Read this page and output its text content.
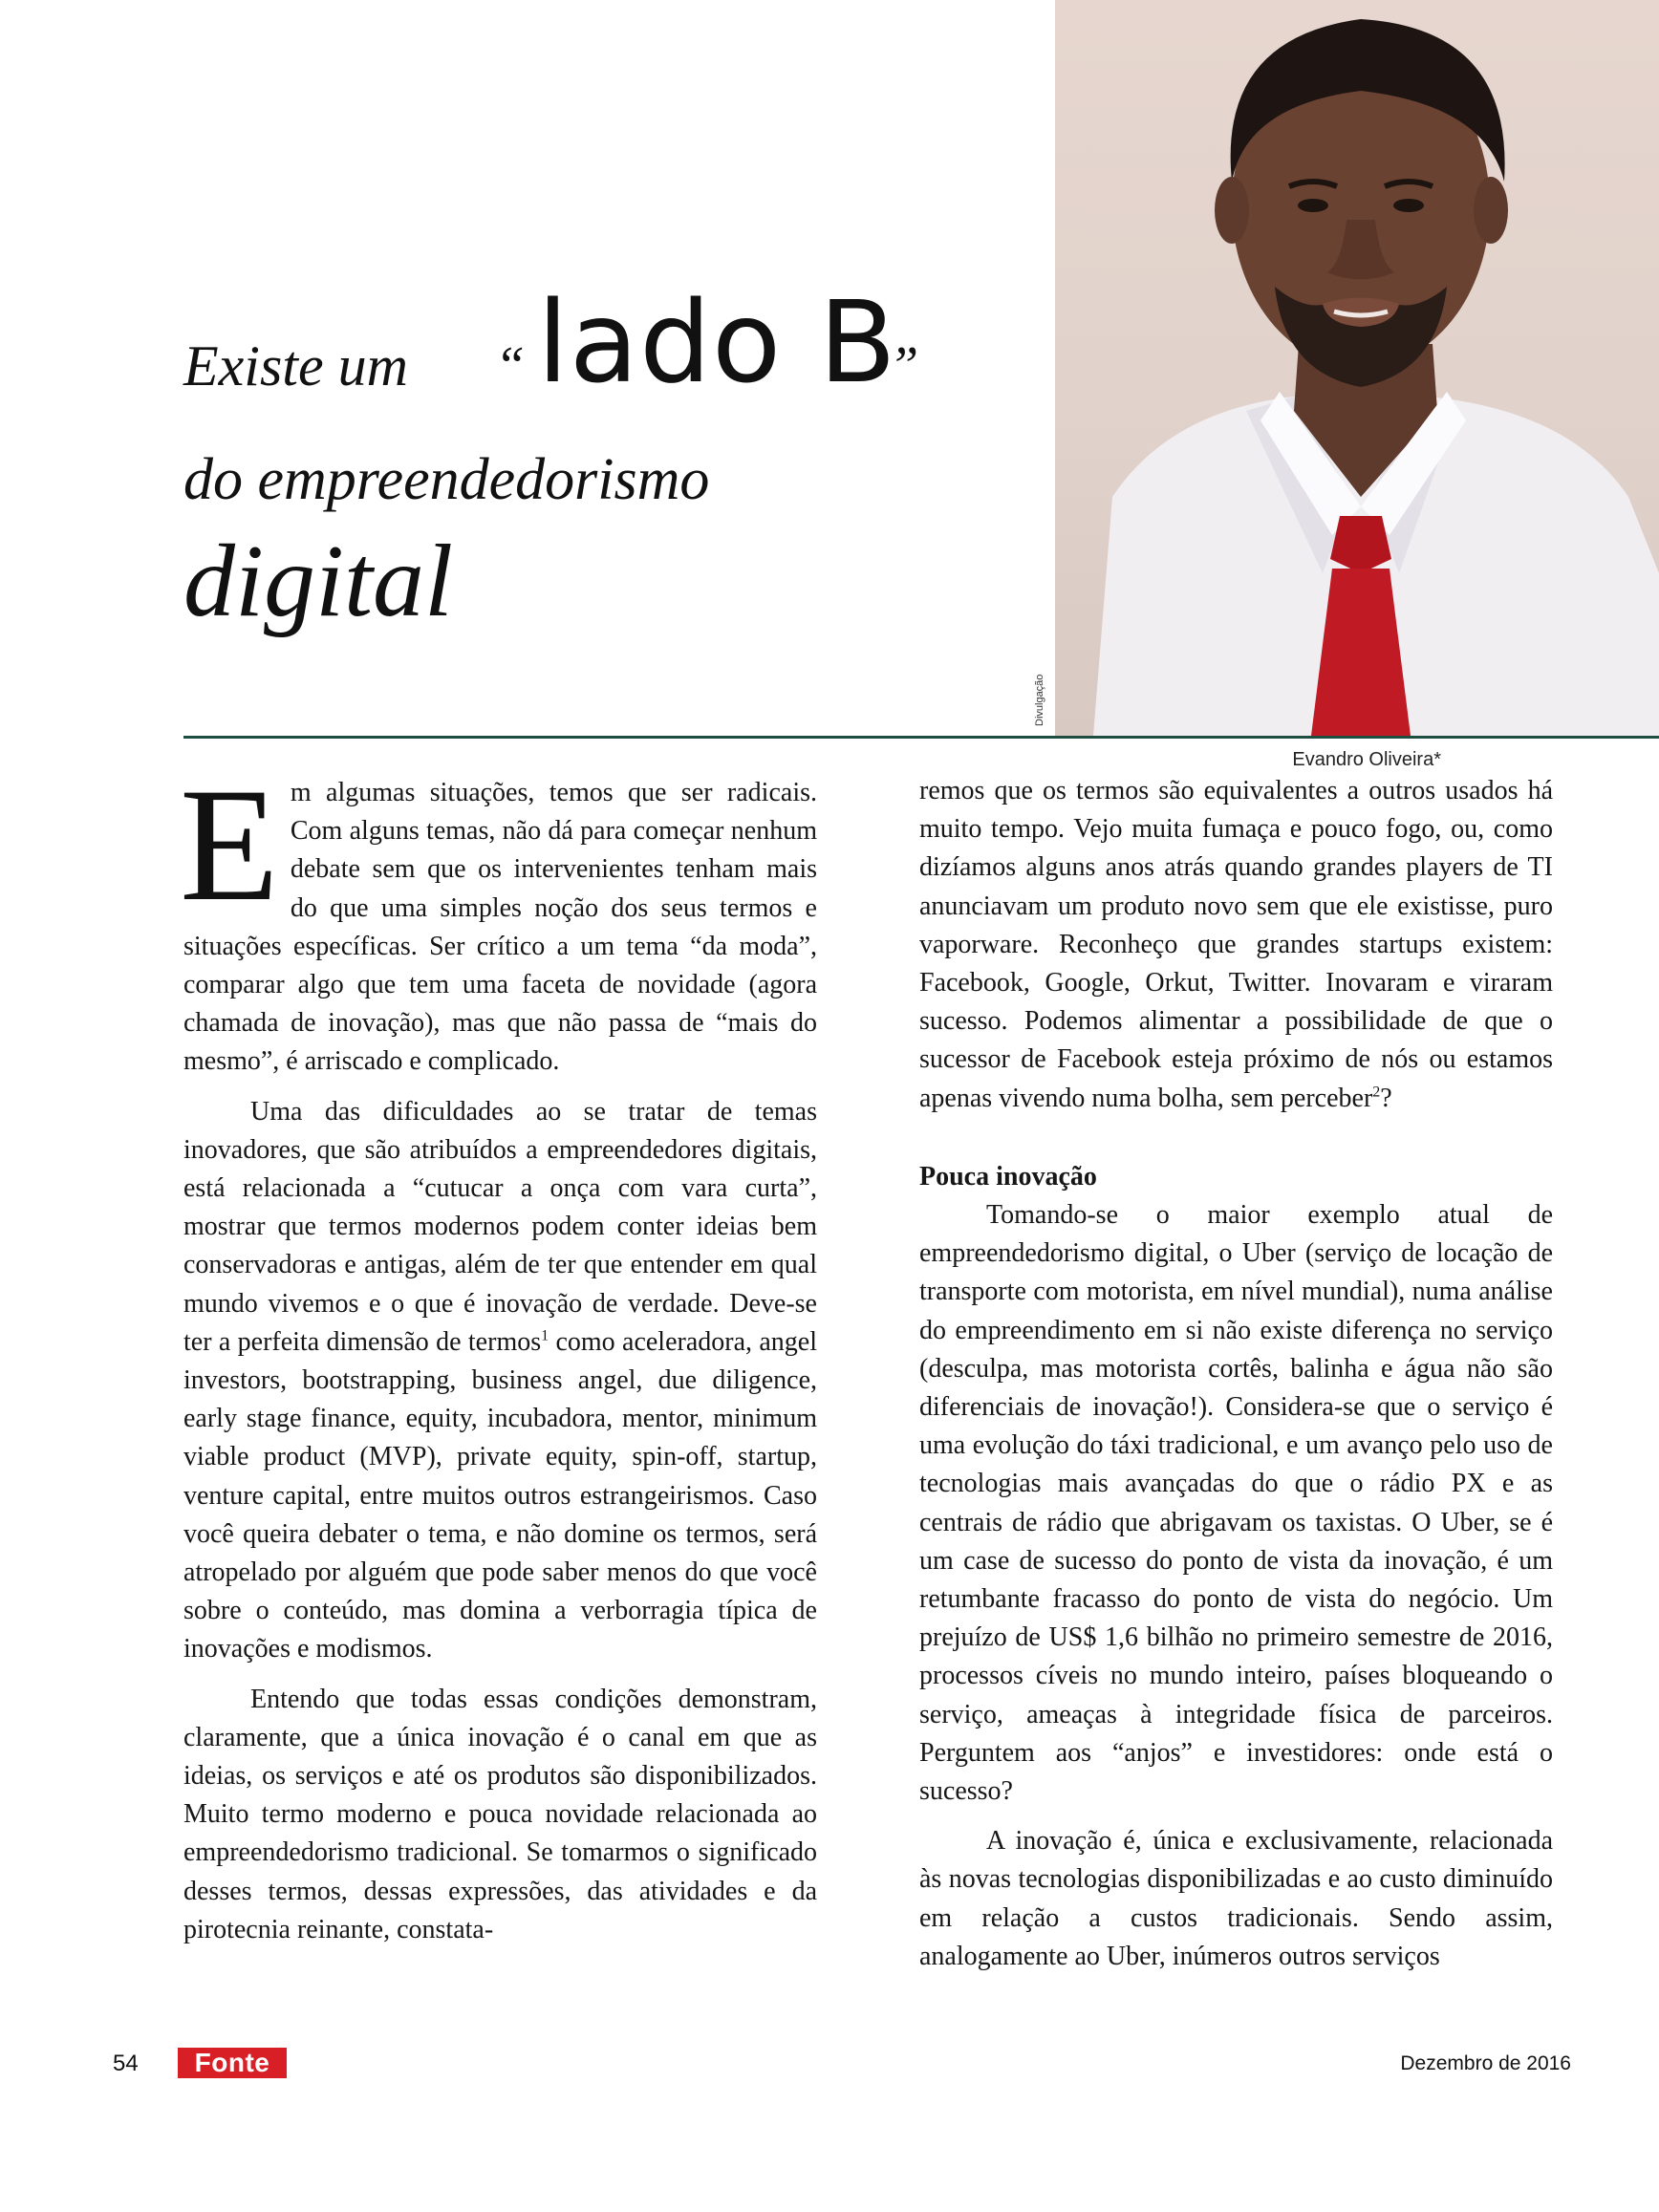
Divulgação
Existe um “ lado B
”
do empreendedorismo
digital
Evandro Oliveira*

Em algumas situações, temos que ser radicais. Com alguns temas, não dá para começar nenhum debate sem que os intervenientes tenham mais do que uma simples noção dos seus termos e situações específicas. Ser crítico a um tema “da moda”, comparar algo que tem uma faceta de novidade (agora chamada de inovação), mas que não passa de “mais do mesmo”, é arriscado e complicado.

Uma das dificuldades ao se tratar de temas inovadores, que são atribuídos a empreendedores digitais, está relacionada a “cutucar a onça com vara curta”, mostrar que termos modernos podem conter ideias bem conservadoras e antigas, além de ter que entender em qual mundo vivemos e o que é inovação de verdade. Deve-se ter a perfeita dimensão de termos$^1$ como aceleradora, angel investors, bootstrapping, business angel, due diligence, early stage finance, equity, incubadora, mentor, minimum viable product (MVP), private equity, spin-off, startup, venture capital, entre muitos outros estrangeirismos. Caso você queira debater o tema, e não domine os termos, será atropelado por alguém que pode saber menos do que você sobre o conteúdo, mas domina a verborragia típica de inovações e modismos.

Entendo que todas essas condições demonstram, claramente, que a única inovação é o canal em que as ideias, os serviços e até os produtos são disponibilizados. Muito termo moderno e pouca novidade relacionada ao empreendedorismo tradicional. Se tomarmos o significado desses termos, dessas expressões, das atividades e da pirotecnia reinante, constata-

remos que os termos são equivalentes a outros usados há muito tempo. Vejo muita fumaça e pouco fogo, ou, como dizíamos alguns anos atrás quando grandes players de TI anunciavam um produto novo sem que ele existisse, puro vaporware. Reconheço que grandes startups existem: Facebook, Google, Orkut, Twitter. Inovaram e viraram sucesso. Podemos alimentar a possibilidade de que o sucessor de Facebook esteja próximo de nós ou estamos apenas vivendo numa bolha, sem perceber$^2$?

Pouca inovação

Tomando-se o maior exemplo atual de empreendedorismo digital, o Uber (serviço de locação de transporte com motorista, em nível mundial), numa análise do empreendimento em si não existe diferença no serviço (desculpa, mas motorista cortês, balinha e água não são diferenciais de inovação!). Considera-se que o serviço é uma evolução do táxi tradicional, e um avanço pelo uso de tecnologias mais avançadas do que o rádio PX e as centrais de rádio que abrigavam os taxistas. O Uber, se é um case de sucesso do ponto de vista da inovação, é um retumbante fracasso do ponto de vista do negócio. Um prejuízo de US$ 1,6 bilhão no primeiro semestre de 2016, processos cíveis no mundo inteiro, países bloqueando o serviço, ameaças à integridade física de parceiros. Perguntem aos “anjos” e investidores: onde está o sucesso?

A inovação é, única e exclusivamente, relacionada às novas tecnologias disponibilizadas e ao custo diminuído em relação a custos tradicionais. Sendo assim, analogamente ao Uber, inúmeros outros serviços

54	Fonte	Dezembro de 2016
